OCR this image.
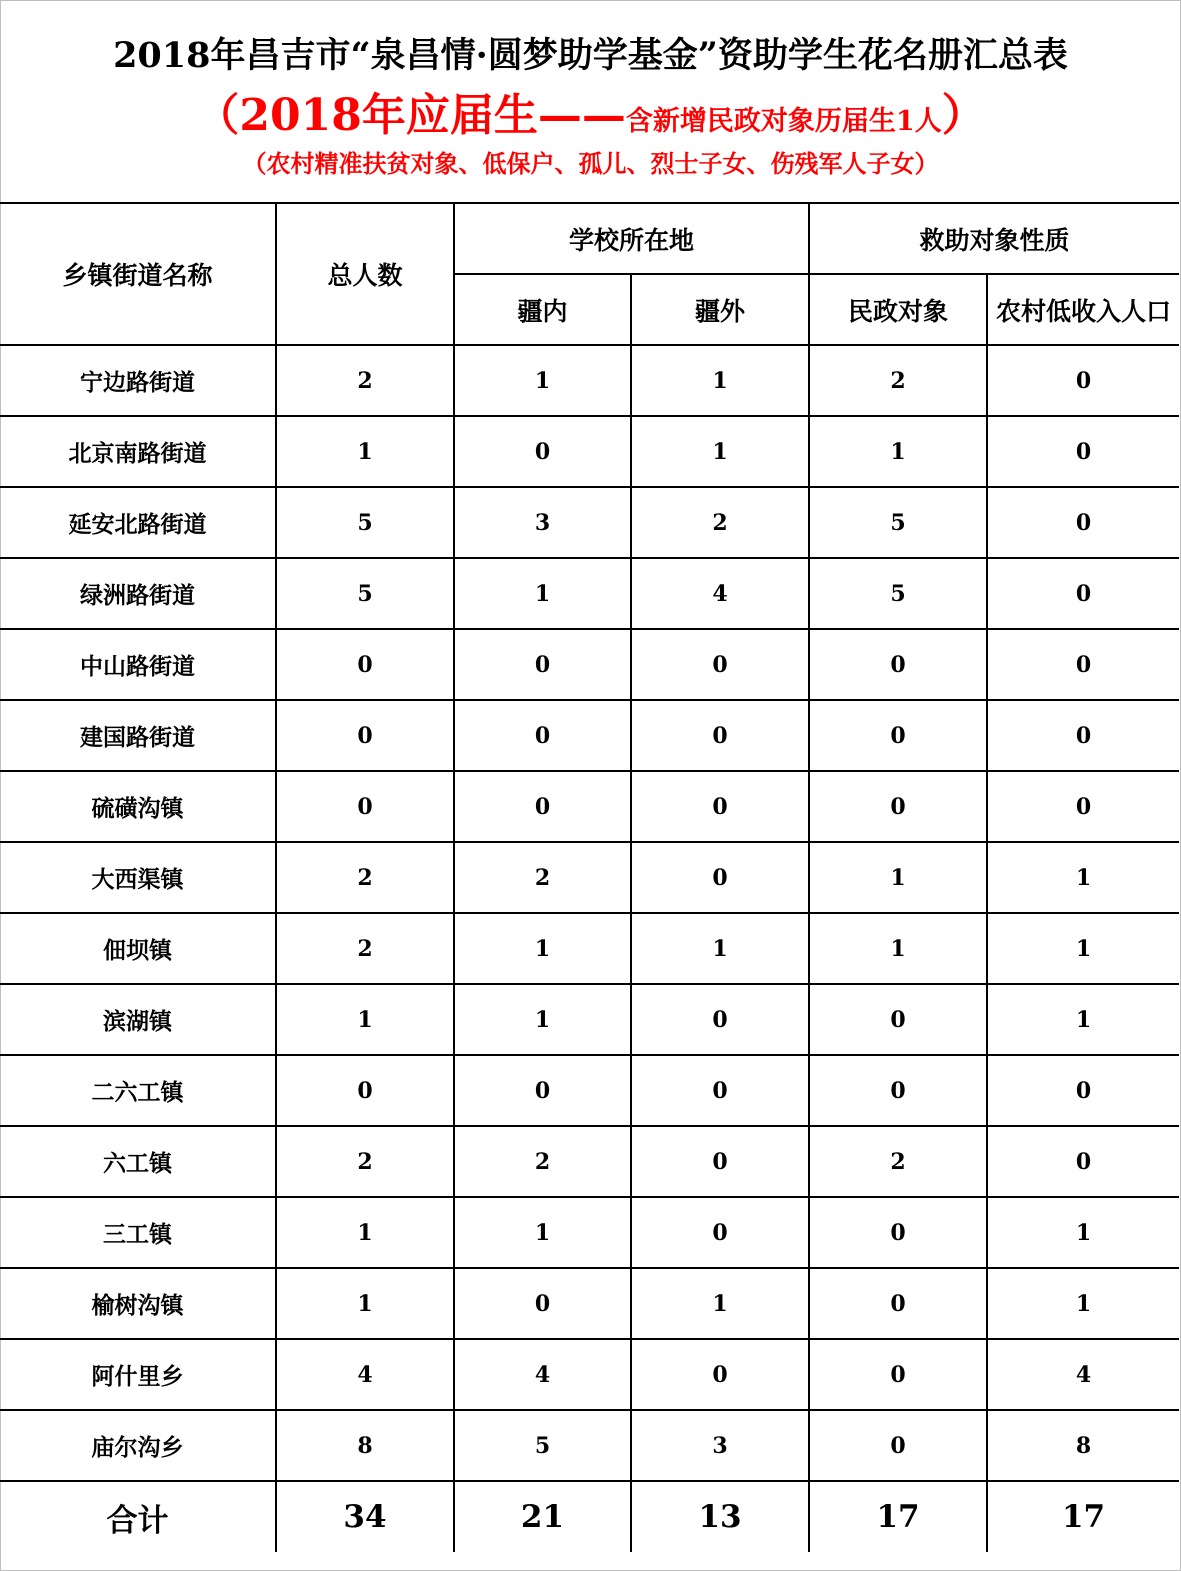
2018年昌吉市“泉昌情·圆梦助学基金”资助学生花名册汇总表
（2018年应届生——含新增民政对象历届生1人）
（农村精准扶贫对象、低保户、孤儿、烈士子女、伤残军人子女）
乡镇街道名称	总人数	学校所在地		救助对象性质	
		疆内	疆外	民政对象	农村低收入人口
宁边路街道	2	1	1	2	0
北京南路街道	1	0	1	1	0
延安北路街道	5	3	2	5	0
绿洲路街道	5	1	4	5	0
中山路街道	0	0	0	0	0
建国路街道	0	0	0	0	0
硫磺沟镇	0	0	0	0	0
大西渠镇	2	2	0	1	1
佃坝镇	2	1	1	1	1
滨湖镇	1	1	0	0	1
二六工镇	0	0	0	0	0
六工镇	2	2	0	2	0
三工镇	1	1	0	0	1
榆树沟镇	1	0	1	0	1
阿什里乡	4	4	0	0	4
庙尔沟乡	8	5	3	0	8
合计	34	21	13	17	17
